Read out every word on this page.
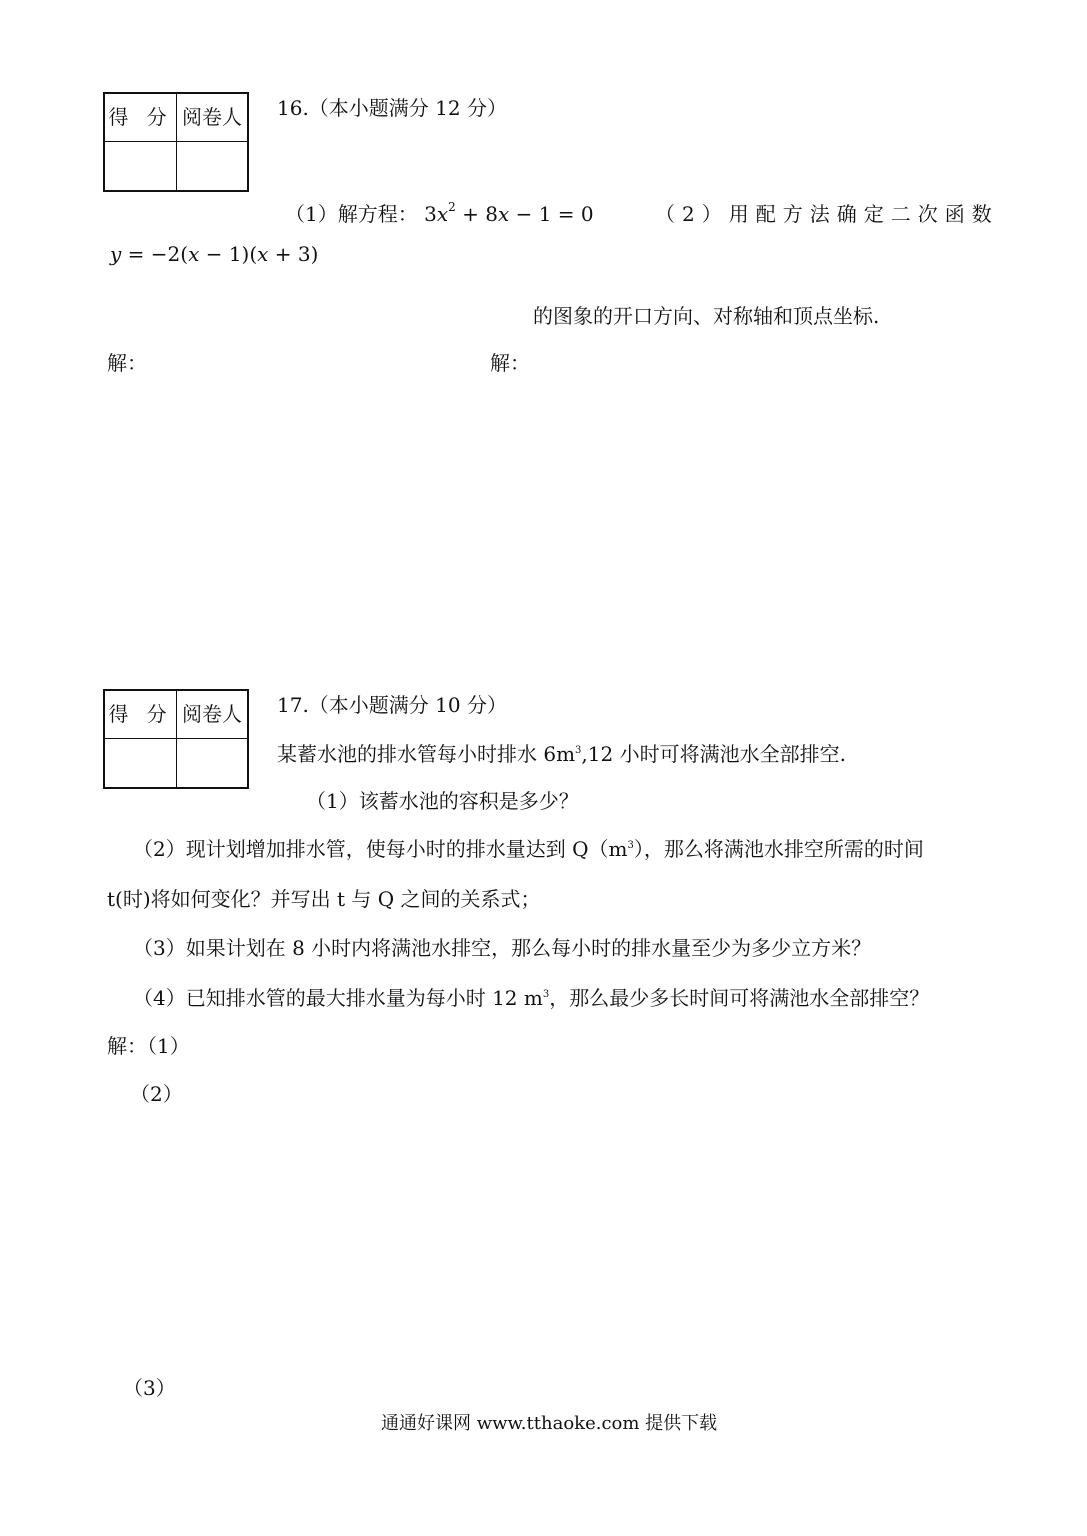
得 分 阅卷人 16.（本小题满分 12 分）
（1）解方程： $3x^2 + 8x - 1 = 0$	（2）用配方法确定二次函数
y = −2(x − 1)(x + 3)
的图象的开口方向、对称轴和顶点坐标.
解：	解：
得 分 阅卷人 17.（本小题满分 10 分）
某蓄水池的排水管每小时排水 $6m^3,12$ 小时可将满池水全部排空.
（1）该蓄水池的容积是多少？
（2）现计划增加排水管，使每小时的排水量达到 $Q(m^3)$，那么将满池水排空所需的时间
t(时)将如何变化？并写出 t 与 Q 之间的关系式；
（3）如果计划在 8 小时内将满池水排空，那么每小时的排水量至少为多少立方米？
（4）已知排水管的最大排水量为每小时 12 $m^3$，那么最少多长时间可将满池水全部排空？
解：（1）
（2）
（3）
通通好课网 www.tthaoke.com 提供下载
